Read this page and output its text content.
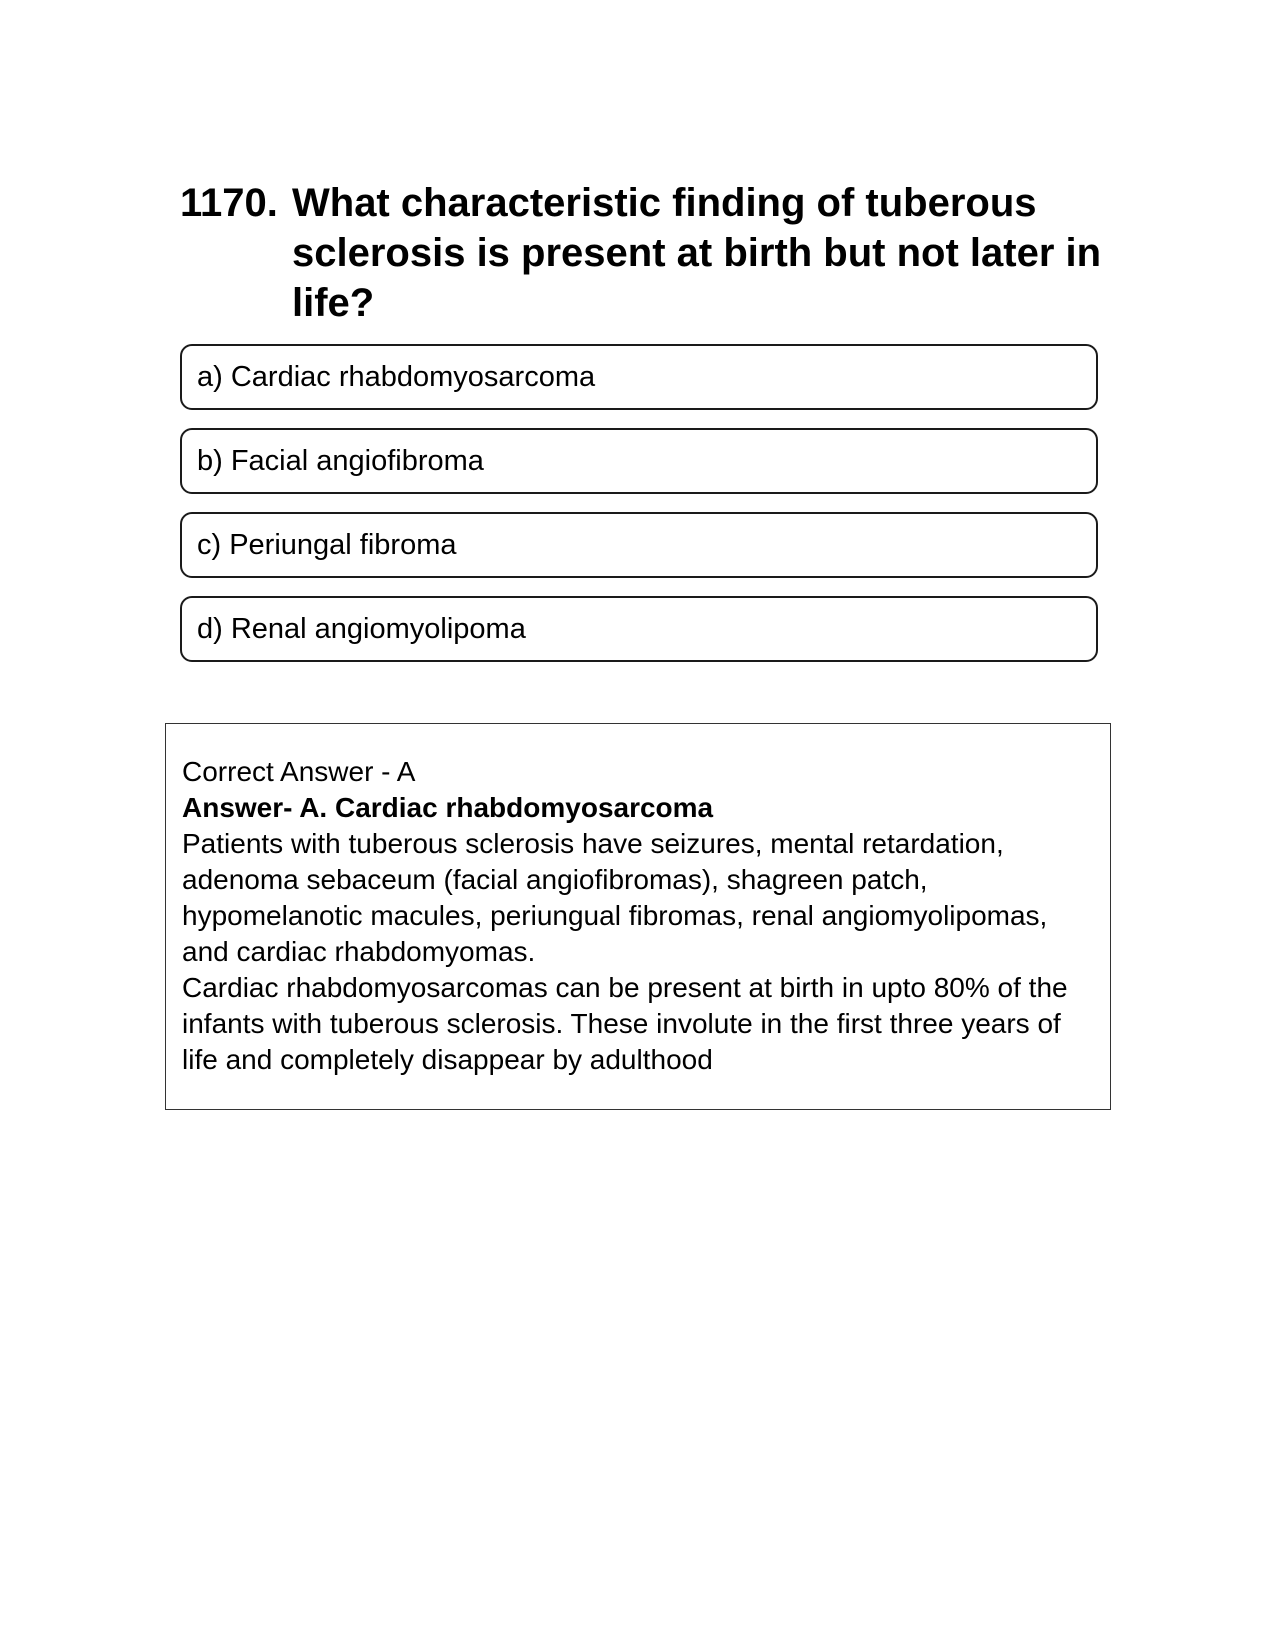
1170. What characteristic finding of tuberous sclerosis is present at birth but not later in life?
a) Cardiac rhabdomyosarcoma
b) Facial angiofibroma
c) Periungal fibroma
d) Renal angiomyolipoma

Correct Answer - A

Answer- A. Cardiac rhabdomyosarcoma

Patients with tuberous sclerosis have seizures, mental retardation, adenoma sebaceum (facial angiofibromas), shagreen patch, hypomelanotic macules, periungual fibromas, renal angiomyolipomas, and cardiac rhabdomyomas.

Cardiac rhabdomyosarcomas can be present at birth in upto 80% of the infants with tuberous sclerosis. These involute in the first three years of life and completely disappear by adulthood
